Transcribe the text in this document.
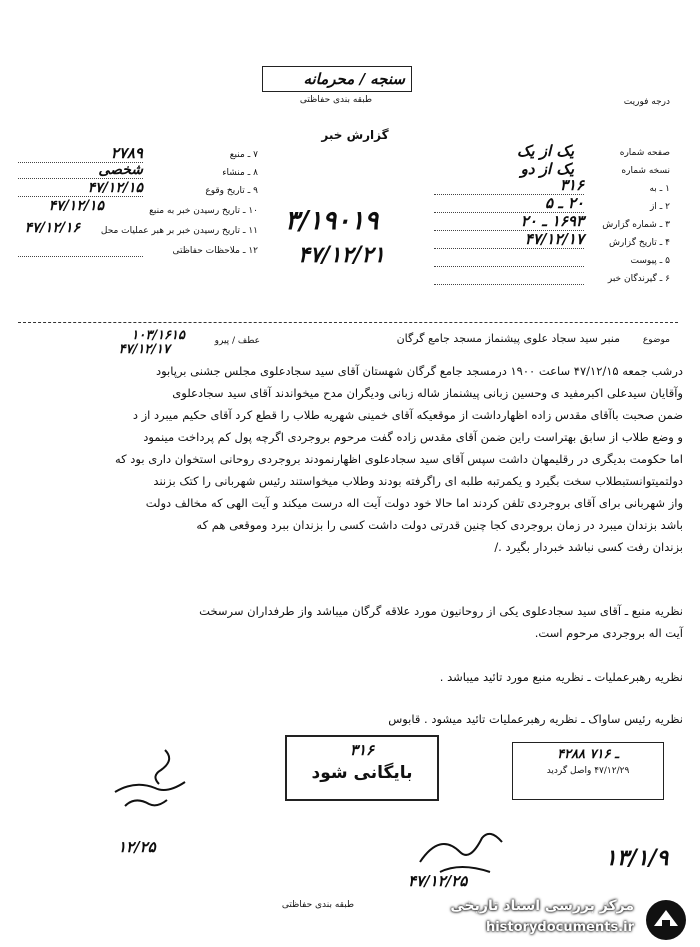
سنجه / محرمانه
طبقه بندی حفاظتی	درجه فوریت
گزارش خبر
صفحه شماره
یک از یک
نسخه شماره
یک از دو
۱ ـ به
۳۱۶
۲ ـ از
۲۰ ـ ۵
۳ ـ شماره گزارش
۱۶۹۳ ـ ۲۰
۴ ـ تاریخ گزارش
۴۷/۱۲/۱۷
۵ ـ پیوست
۶ ـ گیرندگان خبر
۷ ـ منبع
۲۷۸۹
۸ ـ منشاء
شخصی
۹ ـ تاریخ وقوع
۴۷/۱۲/۱۵
۱۰ ـ تاریخ رسیدن خبر به منبع
۴۷/۱۲/۱۵
۱۱ ـ تاریخ رسیدن خبر بر هبر عملیات محل
۴۷/۱۲/۱۶
۱۲ ـ ملاحظات حفاظتی
۳/۱۹۰۱۹
۴۷/۱۲/۲۱
موضوع
منبر سید سجاد علوی پیشنماز مسجد جامع گرگان
عطف / پیرو
۱۰۳/۱۶۱۵
۴۷/۱۲/۱۷
درشب جمعه ۴۷/۱۲/۱۵ ساعت ۱۹۰۰ درمسجد جامع گرگان شهستان آقای سید سجادعلوی مجلس جشنی برپابود
وآقایان سیدعلی اکبرمفید ی وحسین زبانی پیشنماز شاله زبانی ودیگران مدح میخواندند آقای سید سجادعلوی
ضمن صحبت باآقای مقدس زاده اظهارداشت از موقعیکه آقای خمینی شهریه طلاب را قطع کرد آقای حکیم میبرد از د
و وضع طلاب از سابق بهتراست راین ضمن آقای مقدس زاده گفت مرحوم بروجردی اگرچه پول کم پرداخت مینمود
اما حکومت بدیگری در رقلیمهان داشت سپس آقای سید سجادعلوی اظهارنمودند بروجردی روحانی استخوان داری بود که
دولتمیتوانستبطلاب سخت بگیرد و یکمرتبه طلبه ای راگرفته بودند وطلاب میخواستند رئیس شهربانی را کتک بزنند
واز شهربانی برای آقای بروجردی تلفن کردند اما حالا خود دولت آیت اله درست میکند و آیت الهی که مخالف دولت
باشد بزندان میبرد در زمان بروجردی کجا چنین قدرتی دولت داشت کسی را بزندان ببرد وموقعی هم که
بزندان رفت کسی نباشد خبردار بگیرد ./
نظریه منبع ـ آقای سید سجادعلوی یکی از روحانیون مورد علاقه گرگان میباشد واز طرفداران سرسخت
آیت اله بروجردی مرحوم است.
نظریه رهبرعملیات ـ نظریه منبع مورد تائید میباشد .
نظریه رئیس ساواک ـ نظریه رهبرعملیات تائید میشود . قابوس
۳۱۶
بایگانی شود
۴۲۸۸ ـ ۷۱۶
۴۷/۱۲/۲۹ واصل گردید
۱۲/۲۵
۴۷/۱۲/۲۵
۱۳/۱/۹
طبقه بندی حفاظتی	مرکز بررسی اسناد تاریخی
historydocuments.ir
